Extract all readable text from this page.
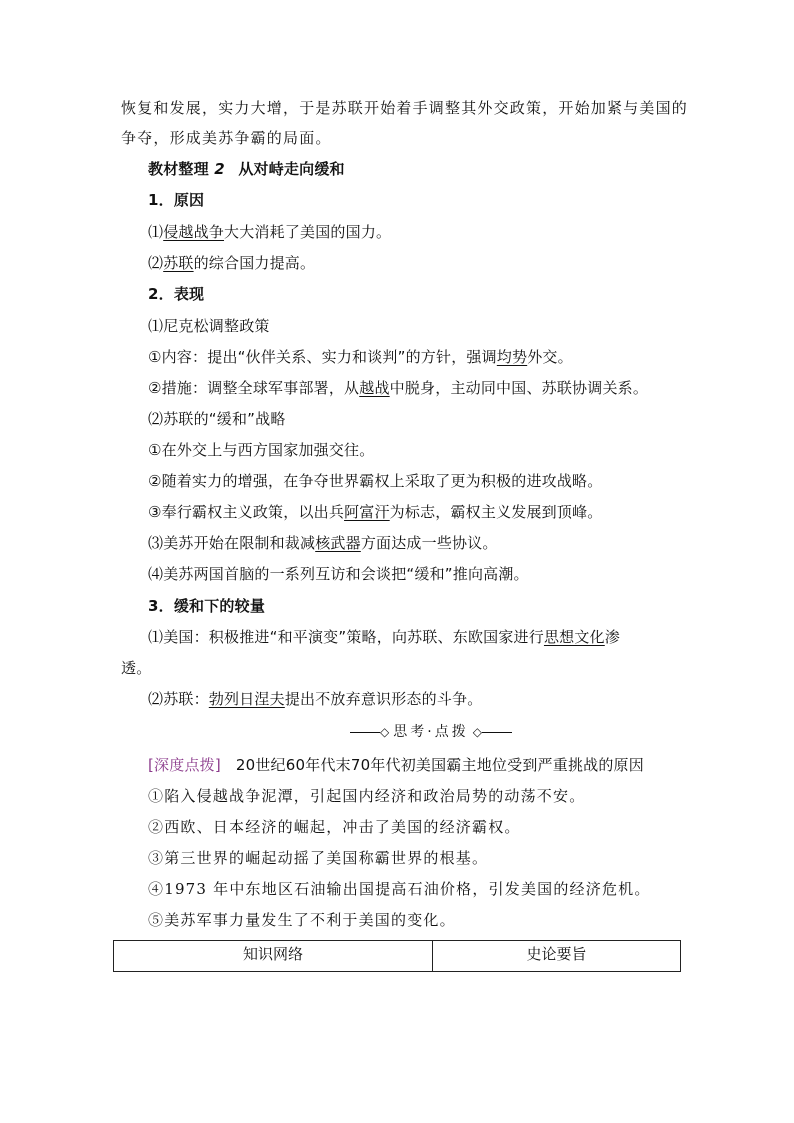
恢复和发展，实力大增，于是苏联开始着手调整其外交政策，开始加紧与美国的
争夺，形成美苏争霸的局面。
教材整理 2 从对峙走向缓和
1．原因
⑴侵越战争大大消耗了美国的国力。
⑵苏联的综合国力提高。
2．表现
⑴尼克松调整政策
①内容：提出“伙伴关系、实力和谈判”的方针，强调均势外交。
②措施：调整全球军事部署，从越战中脱身，主动同中国、苏联协调关系。
⑵苏联的“缓和”战略
①在外交上与西方国家加强交往。
②随着实力的增强，在争夺世界霸权上采取了更为积极的进攻战略。
③奉行霸权主义政策，以出兵阿富汗为标志，霸权主义发展到顶峰。
⑶美苏开始在限制和裁减核武器方面达成一些协议。
⑷美苏两国首脑的一系列互访和会谈把“缓和”推向高潮。
3．缓和下的较量
⑴美国：积极推进“和平演变”策略，向苏联、东欧国家进行思想文化渗
透。
⑵苏联：勃列日涅夫提出不放弃意识形态的斗争。
◇ 思考·点拨 ◇
[深度点拨] 20世纪60年代末70年代初美国霸主地位受到严重挑战的原因
①陷入侵越战争泥潭，引起国内经济和政治局势的动荡不安。
②西欧、日本经济的崛起，冲击了美国的经济霸权。
③第三世界的崛起动摇了美国称霸世界的根基。
④1973 年中东地区石油输出国提高石油价格，引发美国的经济危机。
⑤美苏军事力量发生了不利于美国的变化。
知识网络	史论要旨
